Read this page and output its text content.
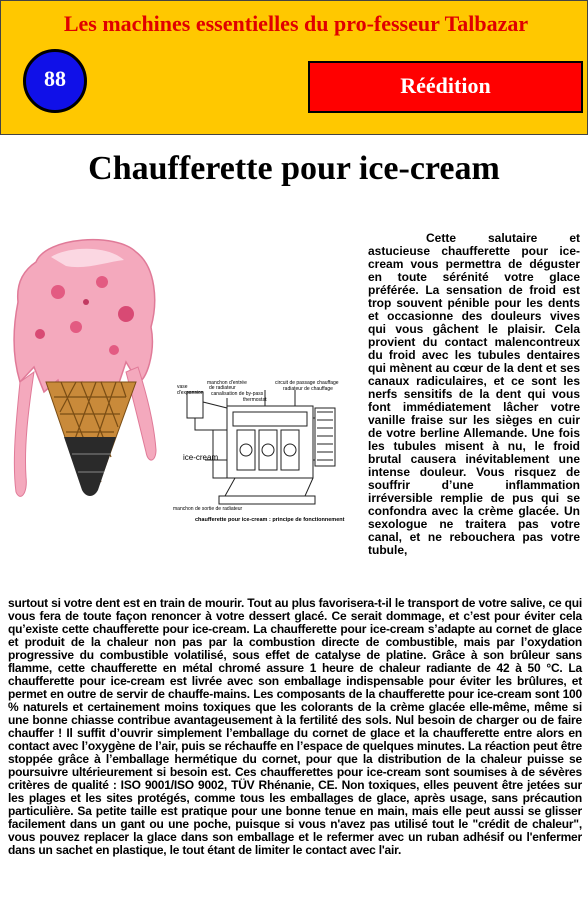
Les machines essentielles du pro-fesseur Talbazar
88	Réédition
Chaufferette pour ice-cream
ice-cream
vase
d'expansion
manchon d'entrée
de radiateur
canalisation de by-pass
thermostat
circuit de passage chauffage
radiateur de chauffage
manchon de sortie de radiateur
chaufferette pour ice-cream : principe de fonctionnement

Cette salutaire et astucieuse chaufferette pour ice-cream vous permettra de déguster en toute sérénité votre glace préférée. La sensation de froid est trop souvent pénible pour les dents et occasionne des douleurs vives qui vous gâchent le plaisir. Cela provient du contact malencontreux du froid avec les tubules dentaires qui mènent au cœur de la dent et ses canaux radiculaires, et ce sont les nerfs sensitifs de la dent qui vous font immédiatement lâcher votre vanille fraise sur les sièges en cuir de votre berline Allemande. Une fois les tubules misent à nu, le froid brutal causera inévitablement une intense douleur. Vous risquez de souffrir d’une inflammation irréversible remplie de pus qui se confondra avec la crème glacée. Un sexologue ne traitera pas votre canal, et ne rebouchera pas votre tubule,

surtout si votre dent est en train de mourir. Tout au plus favorisera-t-il le transport de votre salive, ce qui vous fera de toute façon renoncer à votre dessert glacé. Ce serait dommage, et c’est pour éviter cela qu’existe cette chaufferette pour ice-cream. La chaufferette pour ice-cream s’adapte au cornet de glace et produit de la chaleur non pas par la combustion directe de combustible, mais par l’oxydation progressive du combustible volatilisé, sous effet de catalyse de platine. Grâce à son brûleur sans flamme, cette chaufferette en métal chromé assure 1 heure de chaleur radiante de 42 à 50 °C. La chaufferette pour ice-cream est livrée avec son emballage indispensable pour éviter les brûlures, et permet en outre de servir de chauffe-mains. Les composants de la chaufferette pour ice-cream sont 100 % naturels et certainement moins toxiques que les colorants de la crème glacée elle-même, même si une bonne chiasse contribue avantageusement à la fertilité des sols. Nul besoin de charger ou de faire chauffer ! Il suffit d’ouvrir simplement l’emballage du cornet de glace et la chaufferette entre alors en contact avec l’oxygène de l’air, puis se réchauffe en l’espace de quelques minutes. La réaction peut être stoppée grâce à l’emballage hermétique du cornet, pour que la distribution de la chaleur puisse se poursuivre ultérieurement si besoin est. Ces chaufferettes pour ice-cream sont soumises à de sévères critères de qualité : ISO 9001/ISO 9002, TÜV Rhénanie, CE. Non toxiques, elles peuvent être jetées sur les plages et les sites protégés, comme tous les emballages de glace, après usage, sans précaution particulière. Sa petite taille est pratique pour une bonne tenue en main, mais elle peut aussi se glisser facilement dans un gant ou une poche, puisque si vous n'avez pas utilisé tout le "crédit de chaleur", vous pouvez replacer la glace dans son emballage et le refermer avec un ruban adhésif ou l'enfermer dans un sachet en plastique, le tout étant de limiter le contact avec l'air.
